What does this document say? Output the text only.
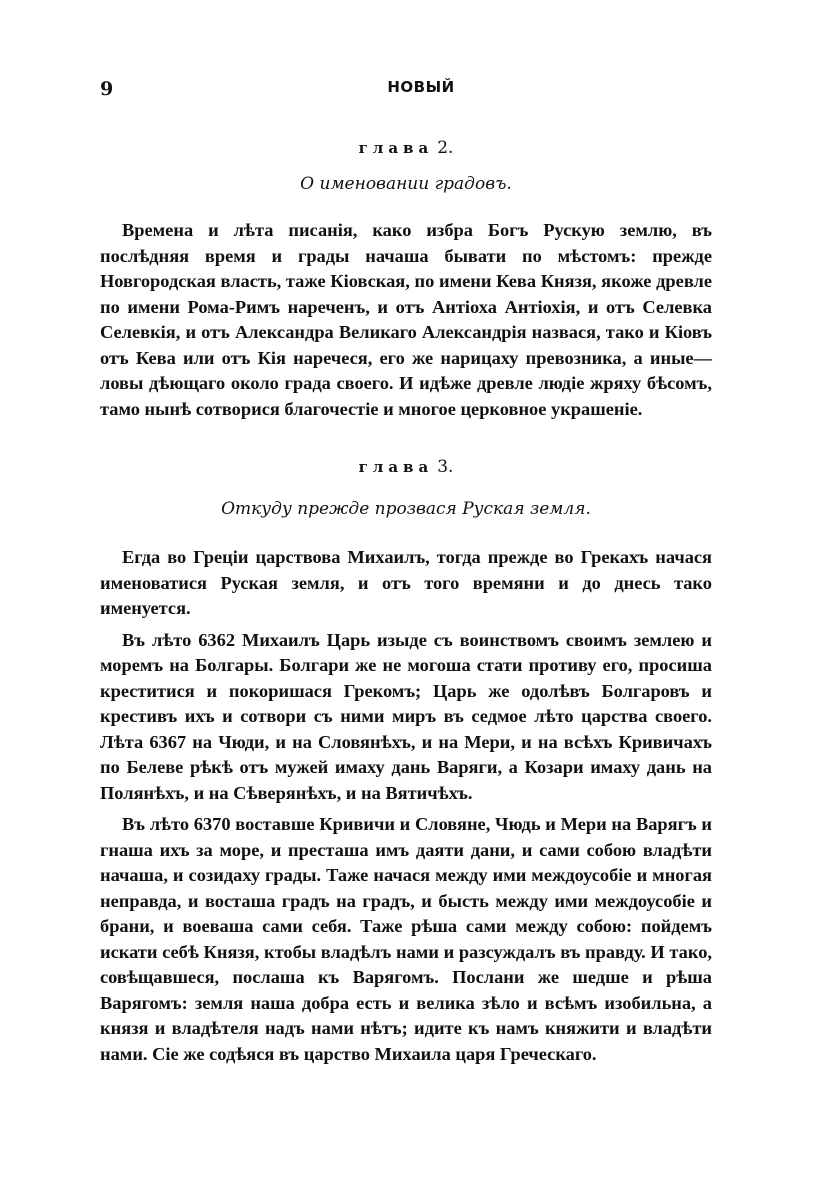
9	НОВЫЙ
глава 2.
О именовании градовъ.

Времена и лѣта писанія, како избра Богъ Рускую землю, въ послѣдняя время и грады начаша бывати по мѣстомъ: прежде Новгородская власть, таже Кіовская, по имени Кева Князя, якоже древле по имени Рома-Римъ нареченъ, и отъ Антіоха Антіохія, и отъ Селевка Селевкія, и отъ Александра Великаго Александрія назвася, тако и Кіовъ отъ Кева или отъ Кія наречеся, его же нарицаху превозника, а иные—ловы дѣющаго около града своего. И идѣже древле людіе жряху бѣсомъ, тамо нынѣ сотворися благочестіе и многое церковное украшеніе.

глава 3.
Откуду прежде прозвася Руская земля.

Егда во Греціи царствова Михаилъ, тогда прежде во Грекахъ начася именоватися Руская земля, и отъ того времяни и до днесь тако именуется.

Въ лѣто 6362 Михаилъ Царь изыде съ воинствомъ своимъ землею и моремъ на Болгары. Болгари же не могоша стати противу его, просиша креститися и покоришася Грекомъ; Царь же одолѣвъ Болгаровъ и крестивъ ихъ и сотвори съ ними миръ въ седмое лѣто царства своего. Лѣта 6367 на Чюди, и на Словянѣхъ, и на Мери, и на всѣхъ Кривичахъ по Белеве рѣкѣ отъ мужей имаху дань Варяги, а Козари имаху дань на Полянѣхъ, и на Сѣверянѣхъ, и на Вятичѣхъ.

Въ лѣто 6370 воставше Кривичи и Словяне, Чюдь и Мери на Варягъ и гнаша ихъ за море, и престаша имъ даяти дани, и сами собою владѣти начаша, и созидаху грады. Таже начася между ими междоусобіе и многая неправда, и восташа градъ на градъ, и бысть между ими междоусобіе и брани, и воеваша сами себя. Таже рѣша сами между собою: пойдемъ искати себѣ Князя, ктобы владѣлъ нами и разсуждалъ въ правду. И тако, совѣщавшеся, послаша къ Варягомъ. Послани же шедше и рѣша Варягомъ: земля наша добра есть и велика зѣло и всѣмъ изобильна, а князя и владѣтеля надъ нами нѣтъ; идите къ намъ княжити и владѣти нами. Сіе же содѣяся въ царство Михаила царя Греческаго.
